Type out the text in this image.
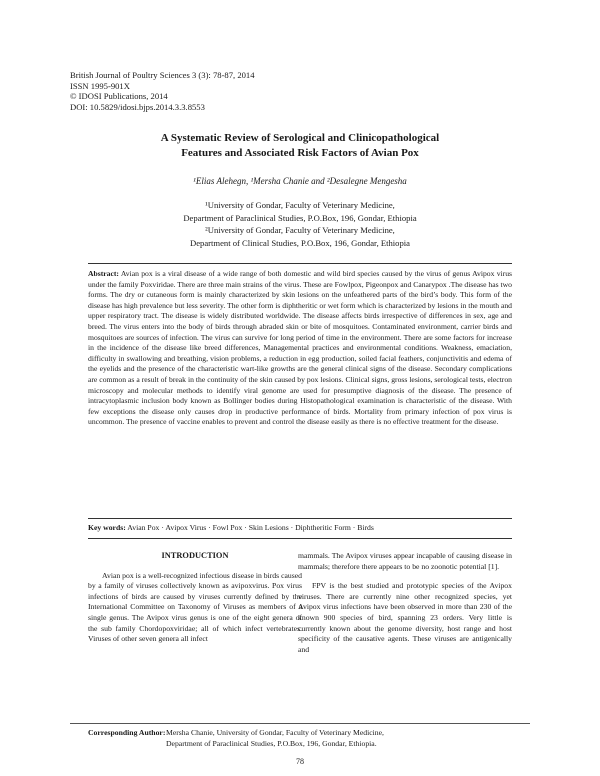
British Journal of Poultry Sciences 3 (3): 78-87, 2014
ISSN 1995-901X
© IDOSI Publications, 2014
DOI: 10.5829/idosi.bjps.2014.3.3.8553
A Systematic Review of Serological and Clinicopathological
Features and Associated Risk Factors of Avian Pox
¹Elias Alehegn, ¹Mersha Chanie and ²Desalegne Mengesha
¹University of Gondar, Faculty of Veterinary Medicine,
Department of Paraclinical Studies, P.O.Box, 196, Gondar, Ethiopia
²University of Gondar, Faculty of Veterinary Medicine,
Department of Clinical Studies, P.O.Box, 196, Gondar, Ethiopia
Abstract: Avian pox is a viral disease of a wide range of both domestic and wild bird species caused by the virus of genus Avipox virus under the family Poxviridae. There are three main strains of the virus. These are Fowlpox, Pigeonpox and Canarypox .The disease has two forms. The dry or cutaneous form is mainly characterized by skin lesions on the unfeathered parts of the bird’s body. This form of the disease has high prevalence but less severity. The other form is diphtheritic or wet form which is characterized by lesions in the mouth and upper respiratory tract. The disease is widely distributed worldwide. The disease affects birds irrespective of differences in sex, age and breed. The virus enters into the body of birds through abraded skin or bite of mosquitoes. Contaminated environment, carrier birds and mosquitoes are sources of infection. The virus can survive for long period of time in the environment. There are some factors for increase in the incidence of the disease like breed differences, Managemental practices and environmental conditions. Weakness, emaciation, difficulty in swallowing and breathing, vision problems, a reduction in egg production, soiled facial feathers, conjunctivitis and edema of the eyelids and the presence of the characteristic wart-like growths are the general clinical signs of the disease. Secondary complications are common as a result of break in the continuity of the skin caused by pox lesions. Clinical signs, gross lesions, serological tests, electron microscopy and molecular methods to identify viral genome are used for presumptive diagnosis of the disease. The presence of intracytoplasmic inclusion body known as Bollinger bodies during Histopathological examination is characteristic of the disease. With few exceptions the disease only causes drop in productive performance of birds. Mortality from primary infection of pox virus is uncommon. The presence of vaccine enables to prevent and control the disease easily as there is no effective treatment for the disease.
Key words: Avian Pox · Avipox Virus · Fowl Pox · Skin Lesions · Diphtheritic Form · Birds
INTRODUCTION

Avian pox is a well-recognized infectious disease in birds caused by a family of viruses collectively known as avipoxvirus. Pox virus infections of birds are caused by viruses currently defined by the International Committee on Taxonomy of Viruses as members of a single genus. The Avipox virus genus is one of the eight genera of the sub family Chordopoxviridae; all of which infect vertebrates. Viruses of other seven genera all infect

mammals. The Avipox viruses appear incapable of causing disease in mammals; therefore there appears to be no zoonotic potential [1].

FPV is the best studied and prototypic species of the Avipox viruses. There are currently nine other recognized species, yet Avipox virus infections have been observed in more than 230 of the known 900 species of bird, spanning 23 orders. Very little is currently known about the genome diversity, host range and host specificity of the causative agents. These viruses are antigenically and

Corresponding Author:Mersha Chanie, University of Gondar, Faculty of Veterinary Medicine,
Department of Paraclinical Studies, P.O.Box, 196, Gondar, Ethiopia.
78
